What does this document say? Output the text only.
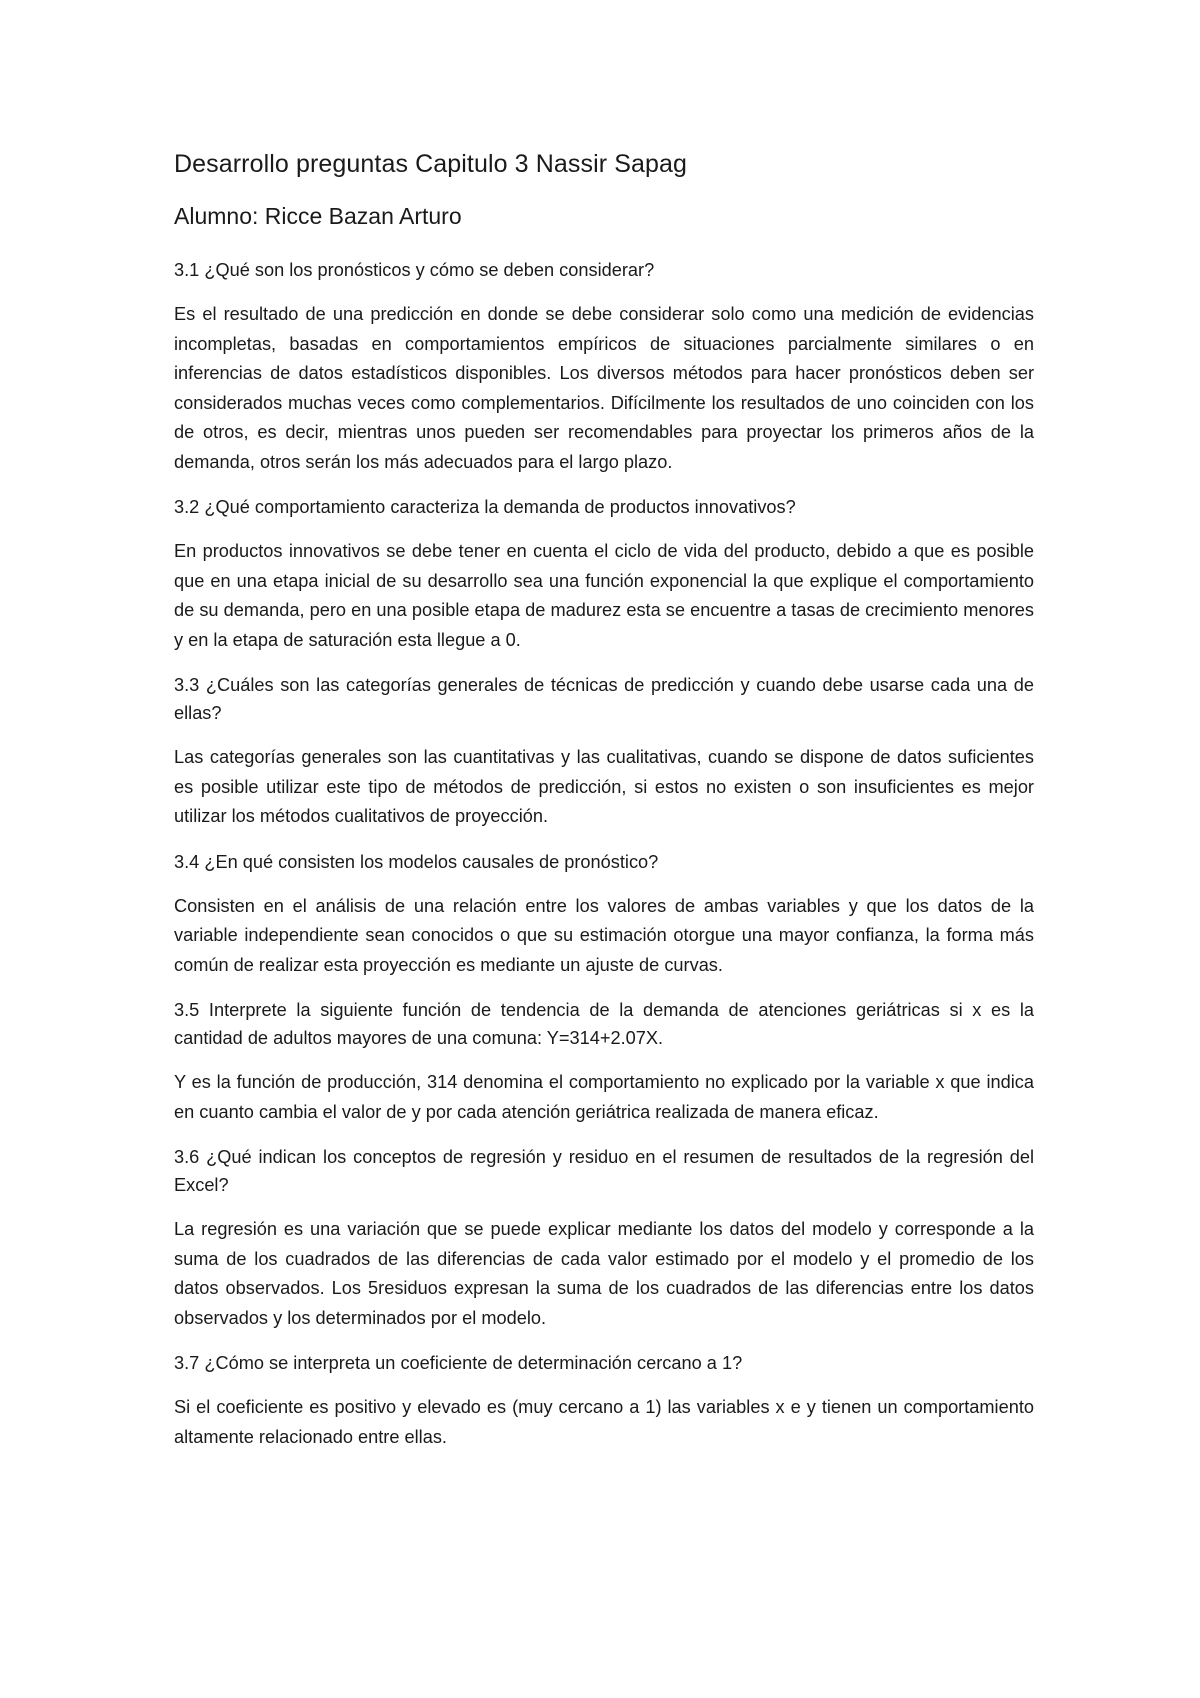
Desarrollo preguntas Capitulo 3 Nassir Sapag
Alumno: Ricce Bazan Arturo

3.1 ¿Qué son los pronósticos y cómo se deben considerar?

Es el resultado de una predicción en donde se debe considerar solo como una medición de evidencias incompletas, basadas en comportamientos empíricos de situaciones parcialmente similares o en inferencias de datos estadísticos disponibles. Los diversos métodos para hacer pronósticos deben ser considerados muchas veces como complementarios. Difícilmente los resultados de uno coinciden con los de otros, es decir, mientras unos pueden ser recomendables para proyectar los primeros años de la demanda, otros serán los más adecuados para el largo plazo.

3.2 ¿Qué comportamiento caracteriza la demanda de productos innovativos?

En productos innovativos se debe tener en cuenta el ciclo de vida del producto, debido a que es posible que en una etapa inicial de su desarrollo sea una función exponencial la que explique el comportamiento de su demanda, pero en una posible etapa de madurez esta se encuentre a tasas de crecimiento menores y en la etapa de saturación esta llegue a 0.

3.3 ¿Cuáles son las categorías generales de técnicas de predicción y cuando debe usarse cada una de ellas?

Las categorías generales son las cuantitativas y las cualitativas, cuando se dispone de datos suficientes es posible utilizar este tipo de métodos de predicción, si estos no existen o son insuficientes es mejor utilizar los métodos cualitativos de proyección.

3.4 ¿En qué consisten los modelos causales de pronóstico?

Consisten en el análisis de una relación entre los valores de ambas variables y que los datos de la variable independiente sean conocidos o que su estimación otorgue una mayor confianza, la forma más común de realizar esta proyección es mediante un ajuste de curvas.

3.5 Interprete la siguiente función de tendencia de la demanda de atenciones geriátricas si x es la cantidad de adultos mayores de una comuna: Y=314+2.07X.

Y es la función de producción, 314 denomina el comportamiento no explicado por la variable x que indica en cuanto cambia el valor de y por cada atención geriátrica realizada de manera eficaz.

3.6 ¿Qué indican los conceptos de regresión y residuo en el resumen de resultados de la regresión del Excel?

La regresión es una variación que se puede explicar mediante los datos del modelo y corresponde a la suma de los cuadrados de las diferencias de cada valor estimado por el modelo y el promedio de los datos observados. Los 5residuos expresan la suma de los cuadrados de las diferencias entre los datos observados y los determinados por el modelo.

3.7 ¿Cómo se interpreta un coeficiente de determinación cercano a 1?

Si el coeficiente es positivo y elevado es (muy cercano a 1) las variables x e y tienen un comportamiento altamente relacionado entre ellas.
